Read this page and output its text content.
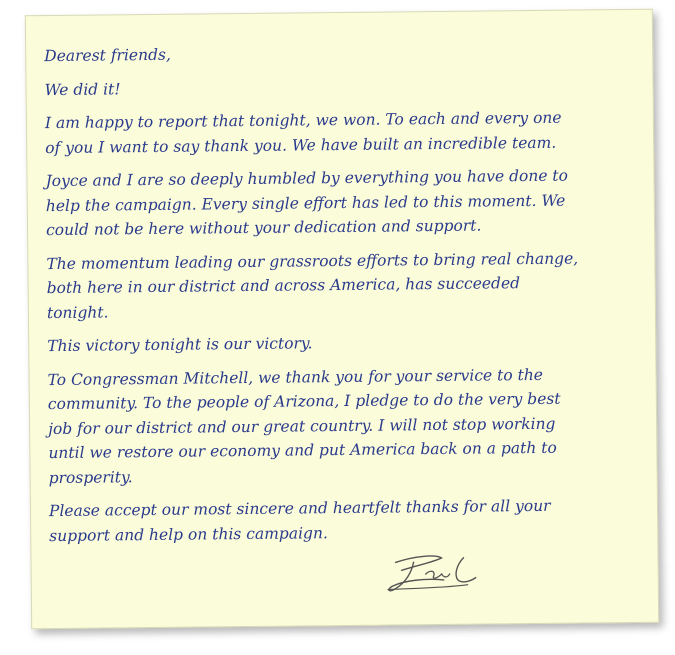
Dearest friends,
We did it!
I am happy to report that tonight, we won. To each and every one
of you I want to say thank you. We have built an incredible team.
Joyce and I are so deeply humbled by everything you have done to
help the campaign. Every single effort has led to this moment. We
could not be here without your dedication and support.
The momentum leading our grassroots efforts to bring real change,
both here in our district and across America, has succeeded
tonight.
This victory tonight is our victory.
To Congressman Mitchell, we thank you for your service to the
community. To the people of Arizona, I pledge to do the very best
job for our district and our great country. I will not stop working
until we restore our economy and put America back on a path to
prosperity.
Please accept our most sincere and heartfelt thanks for all your
support and help on this campaign.
